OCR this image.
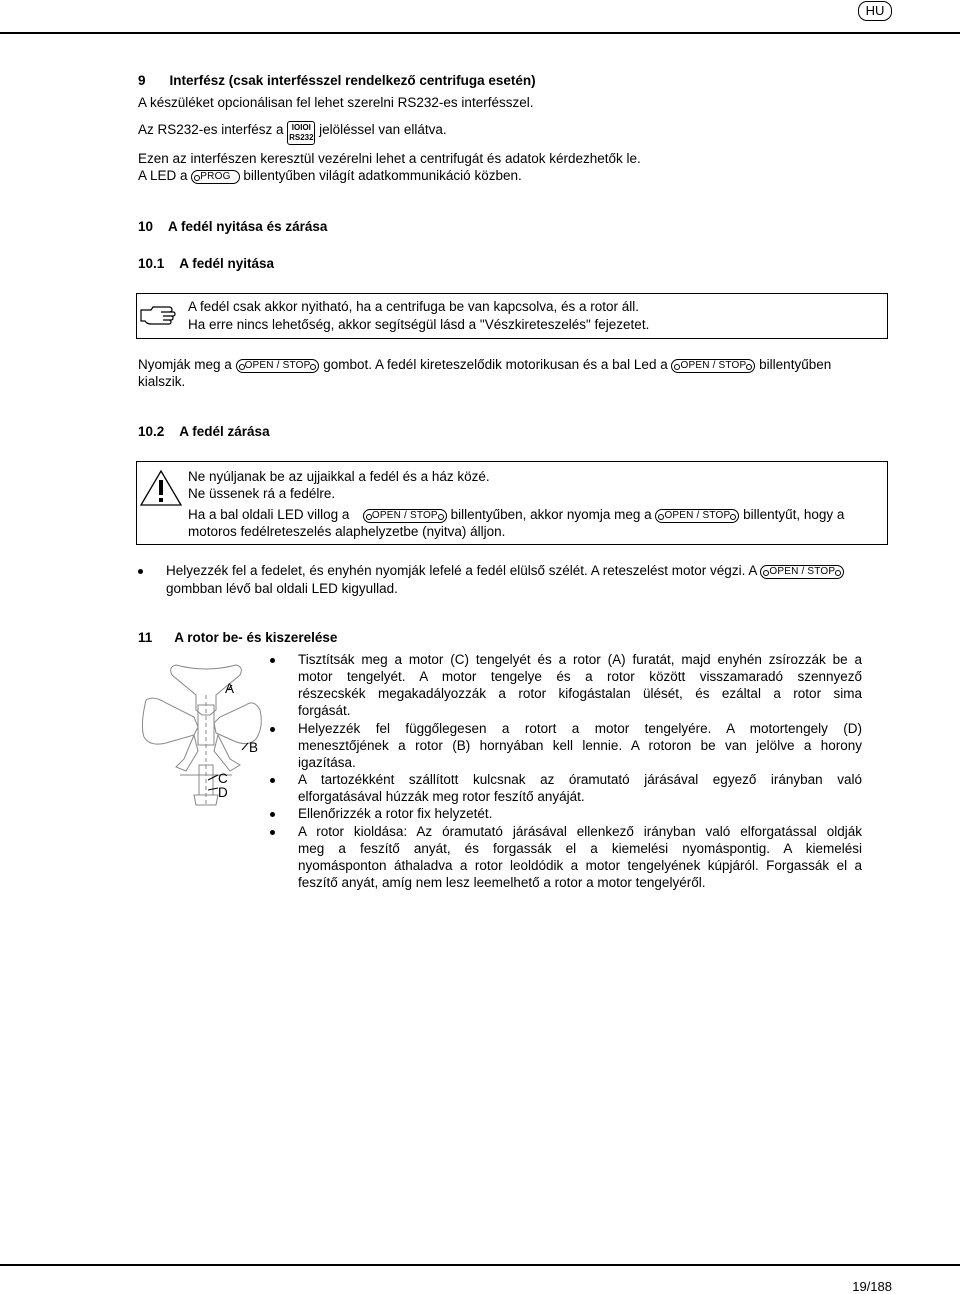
HU
9 Interfész (csak interfésszel rendelkező centrifuga esetén)
A készüléket opcionálisan fel lehet szerelni RS232-es interfésszel.
Az RS232-es interfész a IOIOI
RS232 jelöléssel van ellátva.
Ezen az interfészen keresztül vezérelni lehet a centrifugát és adatok kérdezhetők le.
A LED a PROG billentyűben világít adatkommunikáció közben.
10 A fedél nyitása és zárása
10.1 A fedél nyitása
A fedél csak akkor nyitható, ha a centrifuga be van kapcsolva, és a rotor áll.
Ha erre nincs lehetőség, akkor segítségül lásd a "Vészkireteszelés" fejezetet.
Nyomják meg a OPEN / STOP gombot. A fedél kireteszelődik motorikusan és a bal Led a OPEN / STOP billentyűben
kialszik.
10.2 A fedél zárása
Ne nyúljanak be az ujjaikkal a fedél és a ház közé.
Ne üssenek rá a fedélre.
Ha a bal oldali LED villog a OPEN / STOP billentyűben, akkor nyomja meg a OPEN / STOP billentyűt, hogy a
motoros fedélreteszelés alaphelyzetbe (nyitva) álljon.
Helyezzék fel a fedelet, és enyhén nyomják lefelé a fedél elülső szélét. A reteszelést motor végzi. A OPEN / STOP
gombban lévő bal oldali LED kigyullad.
11 A rotor be- és kiszerelése
A
B
C
D
Tisztítsák meg a motor (C) tengelyét és a rotor (A) furatát, majd enyhén zsírozzák be a
motor tengelyét. A motor tengelye és a rotor között visszamaradó szennyező
részecskék megakadályozzák a rotor kifogástalan ülését, és ezáltal a rotor sima
forgását.
Helyezzék fel függőlegesen a rotort a motor tengelyére. A motortengely (D)
menesztőjének a rotor (B) hornyában kell lennie. A rotoron be van jelölve a horony
igazítása.
A tartozékként szállított kulcsnak az óramutató járásával egyező irányban való
elforgatásával húzzák meg rotor feszítő anyáját.
Ellenőrizzék a rotor fix helyzetét.
A rotor kioldása: Az óramutató járásával ellenkező irányban való elforgatással oldják
meg a feszítő anyát, és forgassák el a kiemelési nyomáspontig. A kiemelési
nyomásponton áthaladva a rotor leoldódik a motor tengelyének kúpjáról. Forgassák el a
feszítő anyát, amíg nem lesz leemelhető a rotor a motor tengelyéről.
19/188
